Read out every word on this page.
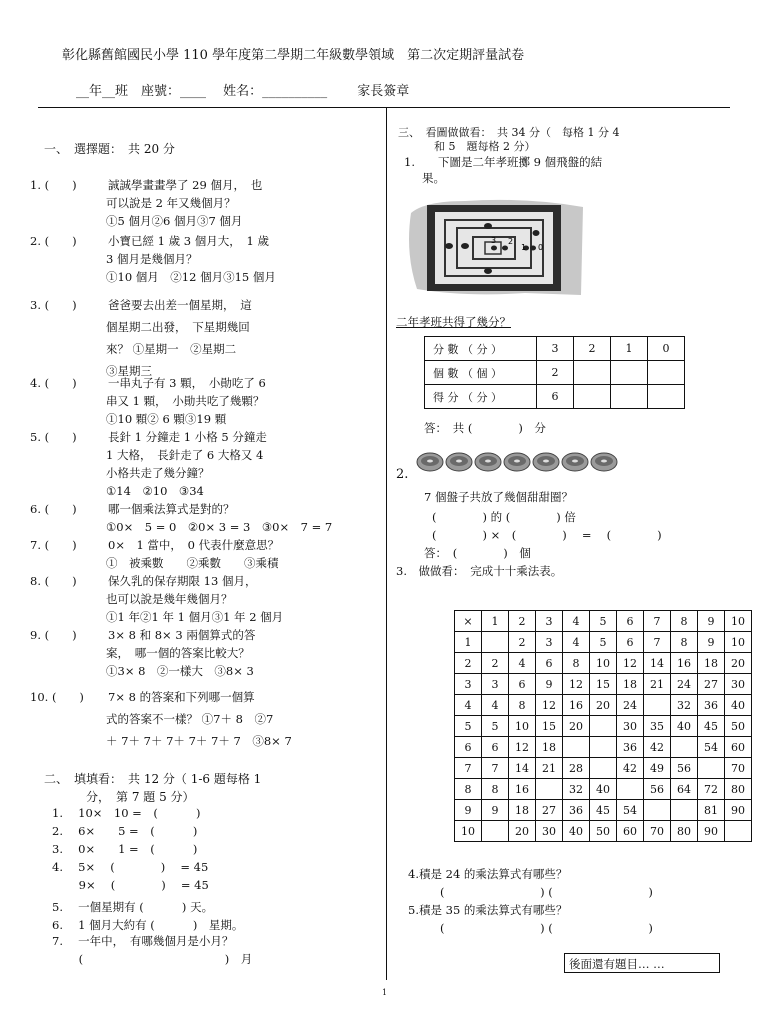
彰化縣舊館國民小學 110 學年度第二學期二年級數學領域　第二次定期評量試卷
__年__班　座號：____　 姓名：__________　　 家長簽章
一、　選擇題：　共 20 分
1. (　　)	誠誠學畫畫學了 29 個月，　也
可以說是 2 年又幾個月？
①5 個月②6 個月③7 個月
2. (　　)	小寶已經 1 歲 3 個月大，　1 歲
3 個月是幾個月？
①10 個月　②12 個月③15 個月
3. (　　)	爸爸要去出差一個星期，　這
個星期二出發，　下星期幾回
來？ ①星期一　②星期二
③星期三
4. (　　)	一串丸子有 3 顆，　小勛吃了 6
串又 1 顆，　小勛共吃了幾顆？
①10 顆② 6 顆③19 顆
5. (　　)	長針 1 分鐘走 1 小格 5 分鐘走
1 大格，　長針走了 6 大格又 4
小格共走了幾分鐘？
①14　②10　③34
6. (　　)	哪一個乘法算式是對的？
①0×　5 = 0　②0× 3 = 3　③0×　7 = 7
7. (　　)	0×　1 當中，　0 代表什麼意思？
①　被乘數　　②乘數　　③乘積
8. (　　)	保久乳的保存期限 13 個月，
也可以說是幾年幾個月？
①1 年②1 年 1 個月③1 年 2 個月
9. (　　)	3× 8 和 8× 3 兩個算式的答
案，　哪一個的答案比較大？
①3× 8　②一樣大　③8× 3
10. (　　) 7× 8 的答案和下列哪一個算
式的答案不一樣？ ①7＋ 8　②7
＋ 7＋ 7＋ 7＋ 7＋ 7＋ 7　③8× 7
二、　填填看：　共 12 分（ 1-6 題每格 1
分，　第 7 題 5 分）
1.　 10×　10 =　(　　　 )
2.　 6×　　5 =　(　　　 )
3.　 0×　　1 =　(　　　 )
4.　 5×　 (　　　　)　 = 45
　　 9×　 (　　　　)　 = 45
5.　 一個星期有 (　　　 ) 天。
6.　 1 個月大約有 (　　　 )　星期。
7.　 一年中，　有哪幾個月是小月？
　　 (　　　　　　　　　　　　 )　月
三、　看圖做做看：　共 34 分（　每格 1 分 4
和 5　題每格 2 分）
1.　　下圖是二年孝班擲 9 個飛盤的結
果。
3 2
1 0
二年孝班共得了幾分？
分 數 （ 分 ）	3	2	1	0
個 數 （ 個 ）	2			
得 分 （ 分 ）	6			
答：　共 (　　　　)　分
2.
7 個盤子共放了幾個甜甜圈？
(　　　　) 的 (　　　　) 倍
(　　　　) ×　(　　　　)　 =　 (　　　　)
答：　(　　　　)　個
3.　做做看：　完成十十乘法表。
×	1	2	3	4	5	6	7	8	9	10
1		2	3	4	5	6	7	8	9	10
2	2	4	6	8	10	12	14	16	18	20
3	3	6	9	12	15	18	21	24	27	30
4	4	8	12	16	20	24		32	36	40
5	5	10	15	20		30	35	40	45	50
6	6	12	18			36	42		54	60
7	7	14	21	28		42	49	56		70
8	8	16		32	40		56	64	72	80
9	9	18	27	36	45	54			81	90
10		20	30	40	50	60	70	80	90	
4.積是 24 的乘法算式有哪些？
(　　　　　　　　 ) (　　　　　　　　 )
5.積是 35 的乘法算式有哪些？
(　　　　　　　　 ) (　　　　　　　　 )
後面還有題目… …
1
